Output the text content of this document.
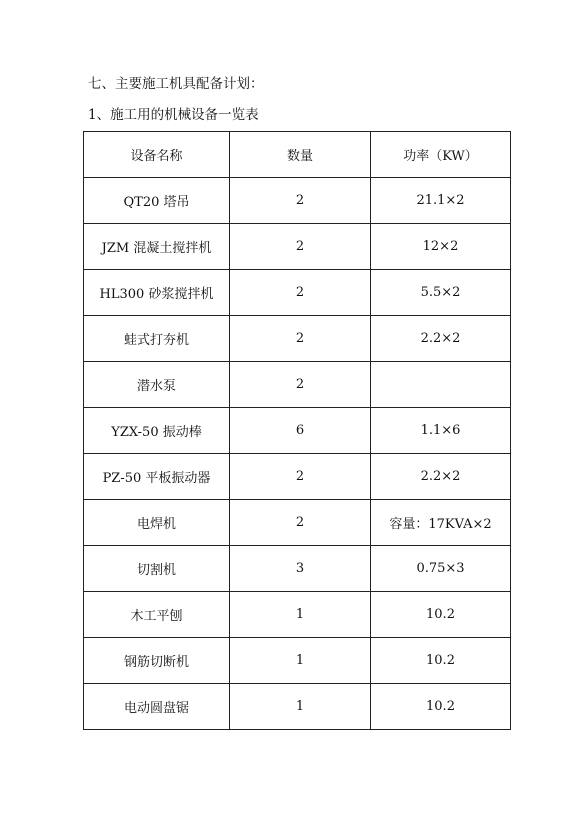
七、主要施工机具配备计划：
1、施工用的机械设备一览表
设备名称	数量	功率（KW）
QT20 塔吊	2	21.1×2
JZM 混凝土搅拌机	2	12×2
HL300 砂浆搅拌机	2	5.5×2
蛙式打夯机	2	2.2×2
潜水泵	2	
YZX-50 振动棒	6	1.1×6
PZ-50 平板振动器	2	2.2×2
电焊机	2	容量：17KVA×2
切割机	3	0.75×3
木工平刨	1	10.2
钢筋切断机	1	10.2
电动圆盘锯	1	10.2
